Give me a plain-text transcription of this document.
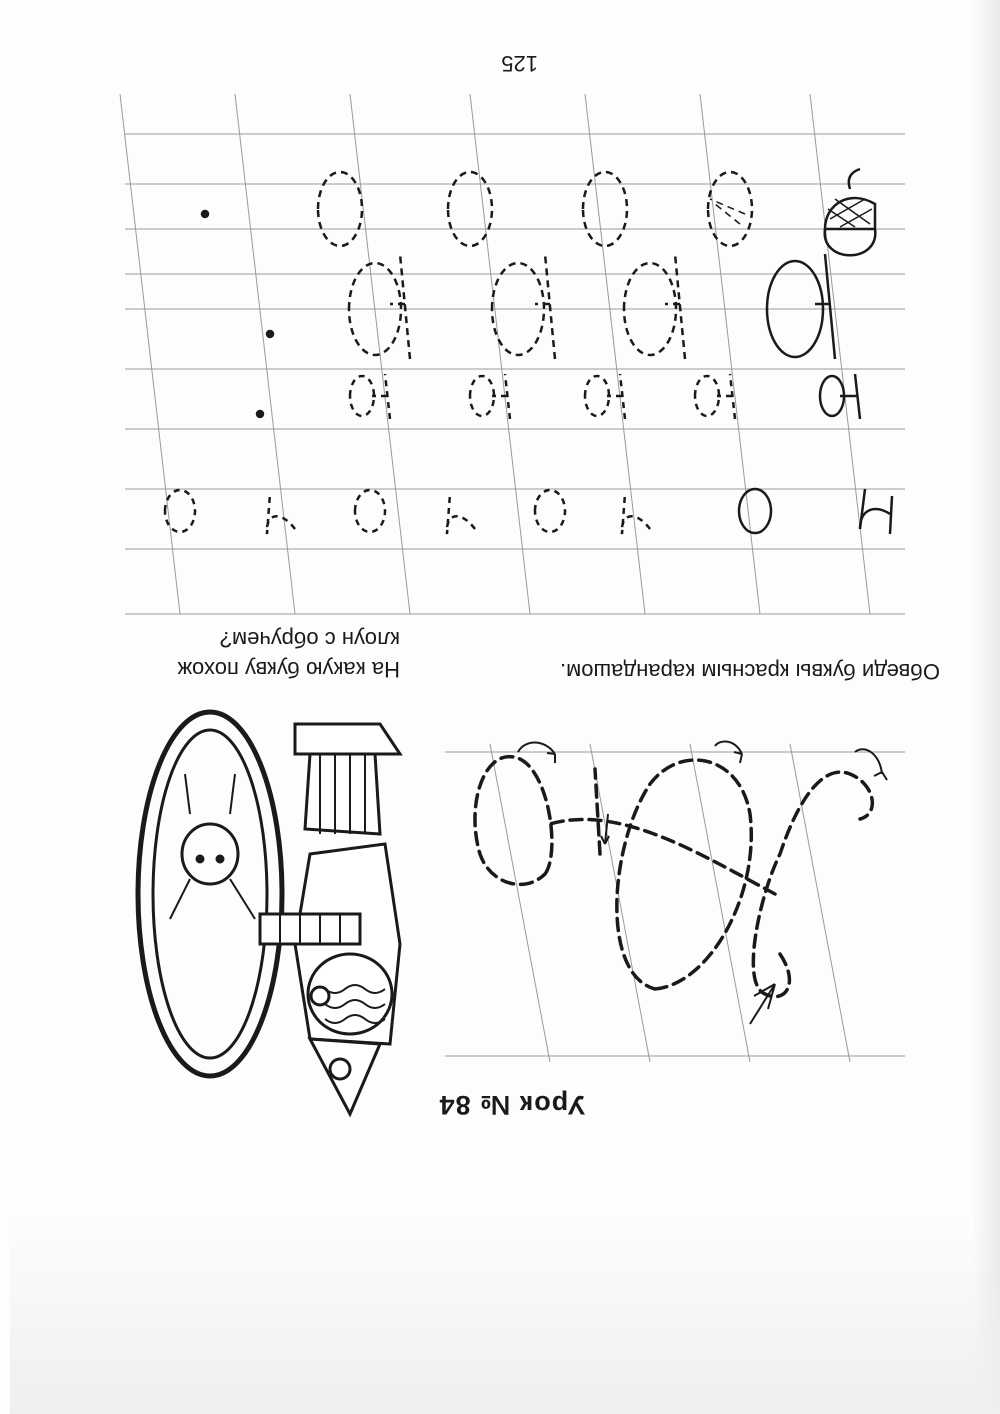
Урок № 84
На какую букву похож
клоун с обручем?
Обведи буквы красным карандашом.
125
